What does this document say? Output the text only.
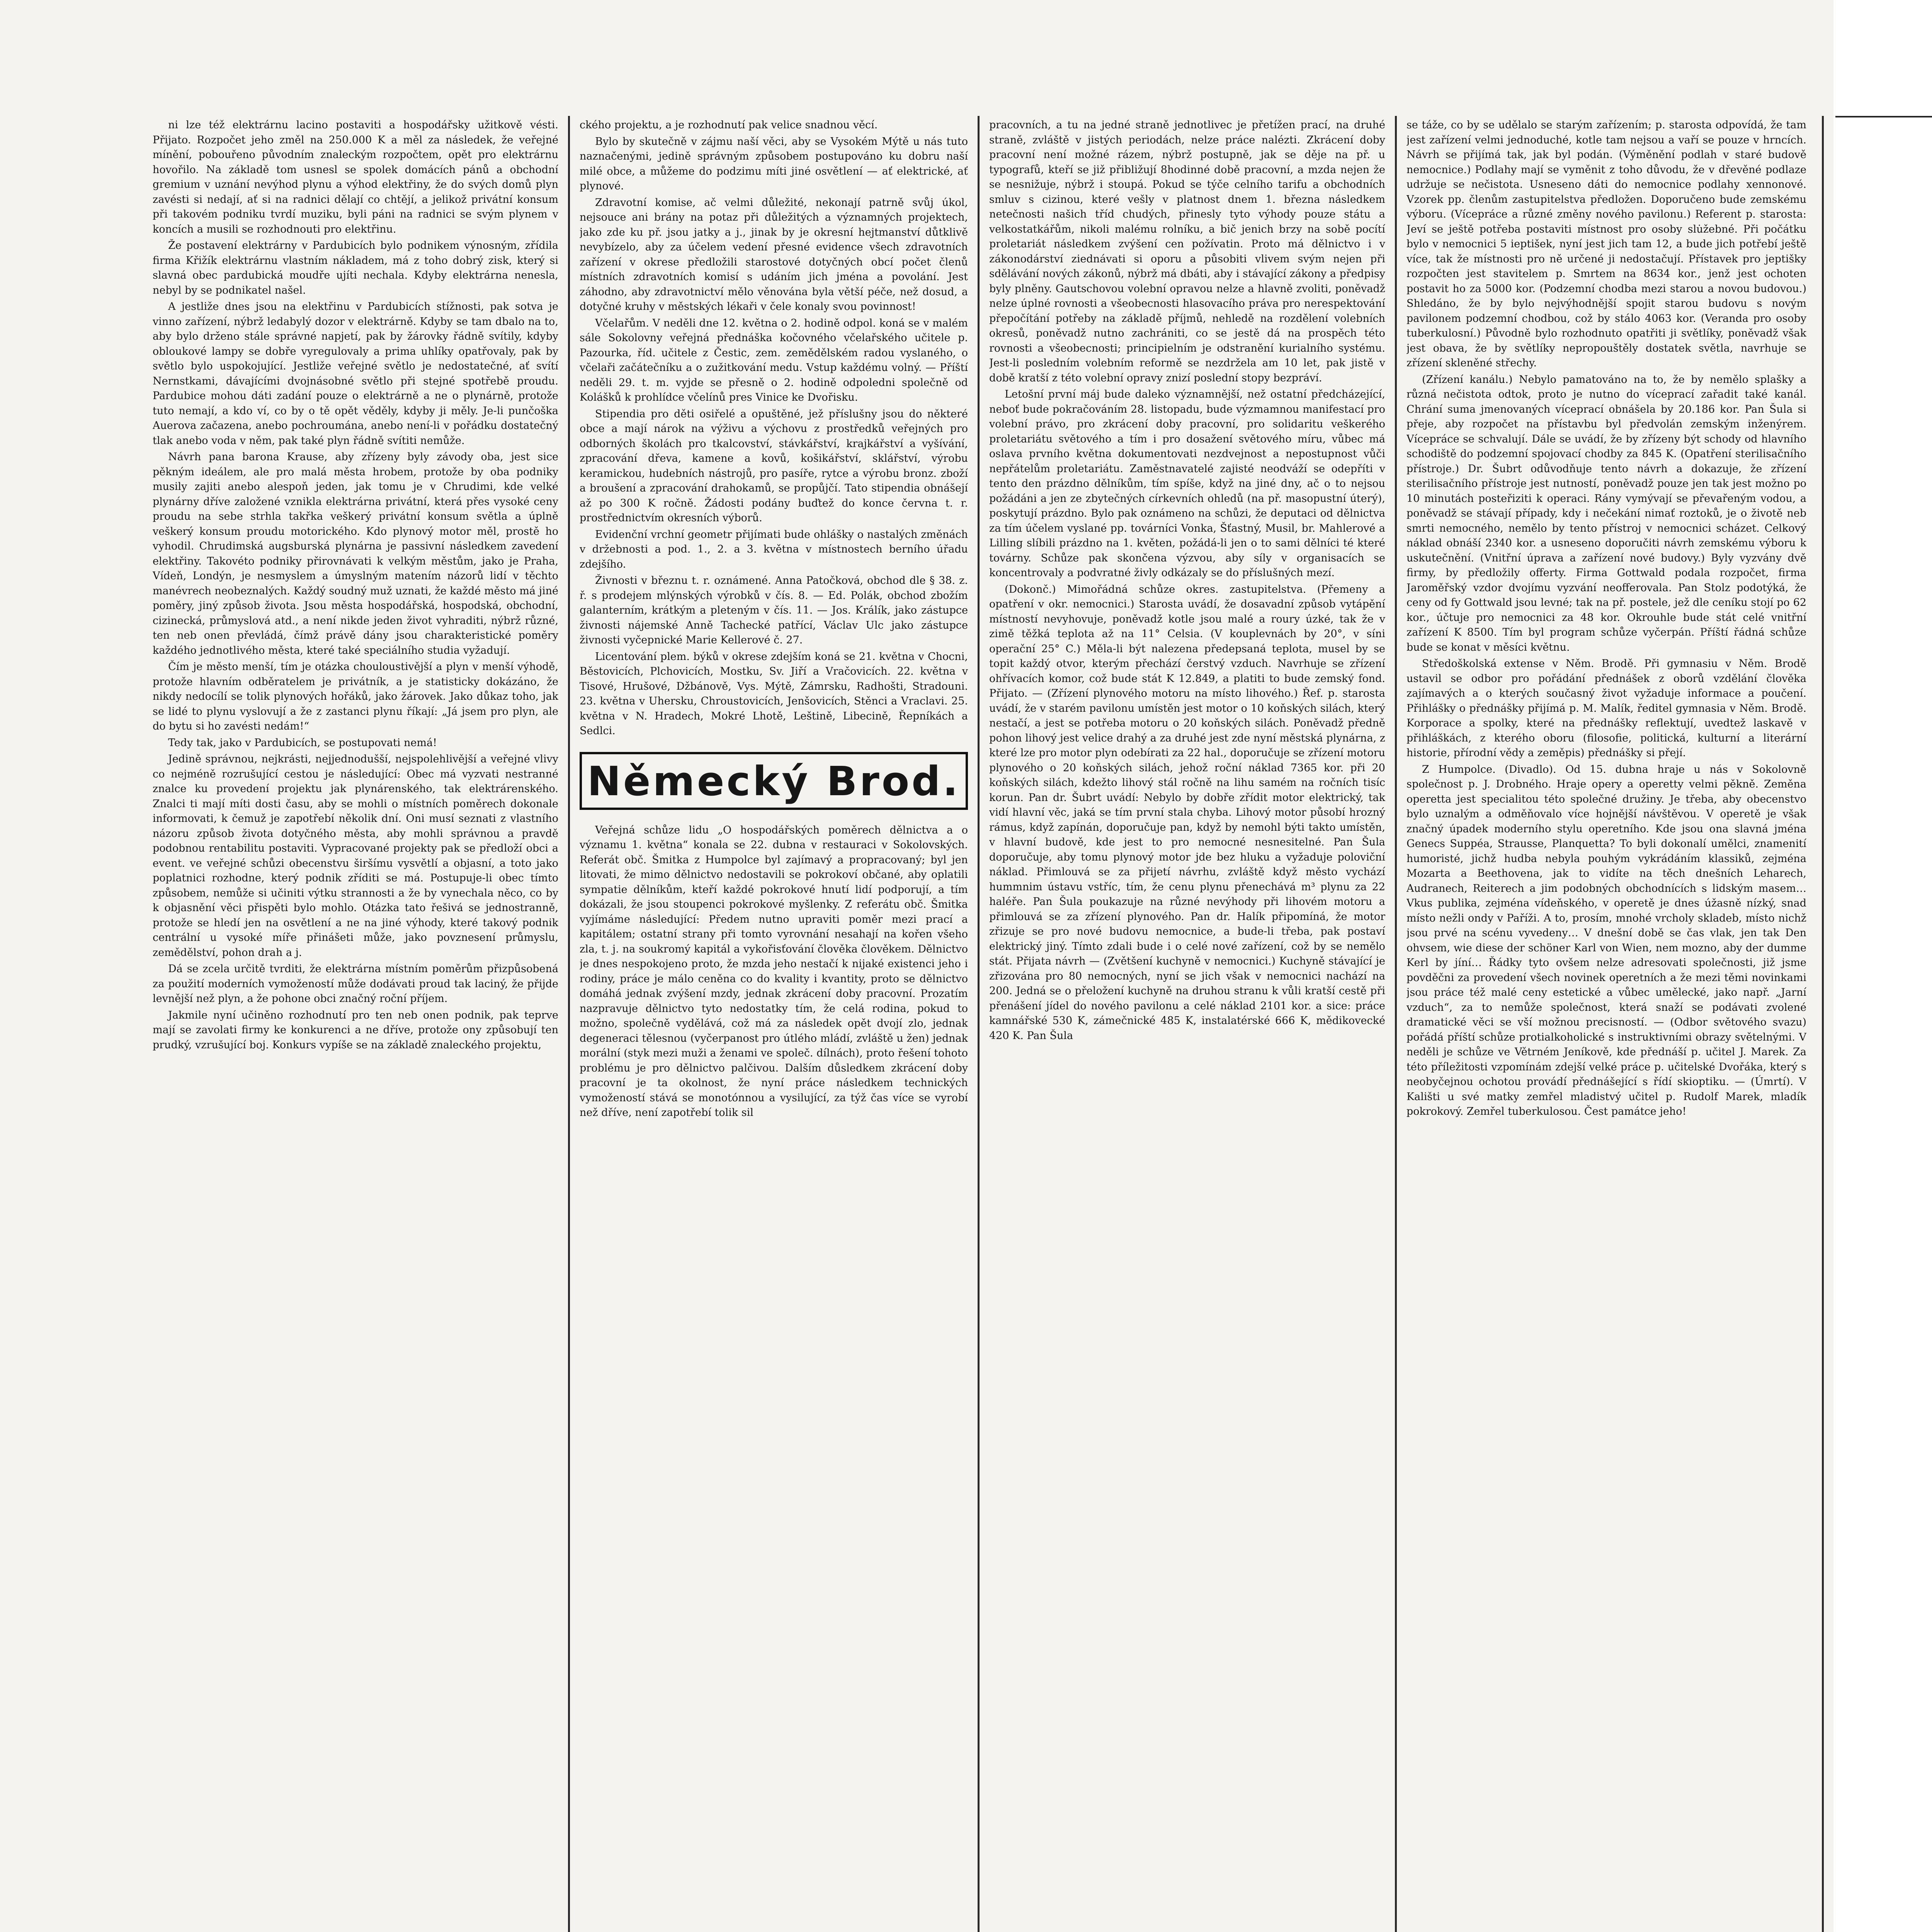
ni lze též elektrárnu lacino postaviti a hospodářsky užitkově vésti. Přijato. Rozpočet jeho změl na 250.000 K a měl za následek, že veřejné mínění, pobouřeno původním znaleckým rozpočtem, opět pro elektrárnu hovořilo. Na základě tom usnesl se spolek domácích pánů a obchodní gremium v uznání nevýhod plynu a výhod elektřiny, že do svých domů plyn zavésti si nedají, ať si na radnici dělají co chtějí, a jelikož privátní konsum při takovém podniku tvrdí muziku, byli páni na radnici se svým plynem v koncích a musili se rozhodnouti pro elektřinu.

Že postavení elektrárny v Pardubicích bylo podnikem výnosným, zřídila firma Křižík elektrárnu vlastním nákladem, má z toho dobrý zisk, který si slavná obec pardubická moudře ujíti nechala. Kdyby elektrárna nenesla, nebyl by se podnikatel našel.

A jestliže dnes jsou na elektřinu v Pardubicích stížnosti, pak sotva je vinno zařízení, nýbrž ledabylý dozor v elektrárně. Kdyby se tam dbalo na to, aby bylo drženo stále správné napjetí, pak by žárovky řádně svítily, kdyby obloukové lampy se dobře vyregulovaly a prima uhlíky opatřovaly, pak by světlo bylo uspokojující. Jestliže veřejné světlo je nedostatečné, ať svítí Nernstkami, dávajícími dvojnásobné světlo při stejné spotřebě proudu. Pardubice mohou dáti zadání pouze o elektrárně a ne o plynárně, protože tuto nemají, a kdo ví, co by o tě opět věděly, kdyby ji měly. Je-li punčoška Auerova začazena, anebo pochroumána, anebo není-li v pořádku dostatečný tlak anebo voda v něm, pak také plyn řádně svítiti nemůže.

Návrh pana barona Krause, aby zřízeny byly závody oba, jest sice pěkným ideálem, ale pro malá města hrobem, protože by oba podniky musily zajiti anebo alespoň jeden, jak tomu je v Chrudimi, kde velké plynárny dříve založené vznikla elektrárna privátní, která přes vysoké ceny proudu na sebe strhla takřka veškerý privátní konsum světla a úplně veškerý konsum proudu motorického. Kdo plynový motor měl, prostě ho vyhodil. Chrudimská augsburská plynárna je passivní následkem zavedení elektřiny. Takovéto podniky přirovnávati k velkým městům, jako je Praha, Vídeň, Londýn, je nesmyslem a úmyslným matením názorů lidí v těchto manévrech neobeznalých. Každý soudný muž uznati, že každé město má jiné poměry, jiný způsob života. Jsou města hospodářská, hospodská, obchodní, cizinecká, průmyslová atd., a není nikde jeden život vyhraditi, nýbrž různé, ten neb onen převládá, čímž právě dány jsou charakteristické poměry každého jednotlivého města, které také speciálního studia vyžadují.

Čím je město menší, tím je otázka chouloustivější a plyn v menší výhodě, protože hlavním odběratelem je privátník, a je statisticky dokázáno, že nikdy nedocílí se tolik plynových hořáků, jako žárovek. Jako důkaz toho, jak se lidé to plynu vyslovují a že z zastanci plynu říkají: „Já jsem pro plyn, ale do bytu si ho zavésti nedám!“

Tedy tak, jako v Pardubicích, se postupovati nemá!

Jedině správnou, nejkrásti, nejjednodušší, nejspolehlivější a veřejné vlivy co nejméně rozrušující cestou je následující: Obec má vyzvati nestranné znalce ku provedení projektu jak plynárenského, tak elektrárenského. Znalci ti mají míti dosti času, aby se mohli o místních poměrech dokonale informovati, k čemuž je zapotřebí několik dní. Oni musí seznati z vlastního názoru způsob života dotyčného města, aby mohli správnou a pravdě podobnou rentabilitu postaviti. Vypracované projekty pak se předloží obci a event. ve veřejné schůzi obecenstvu širšímu vysvětlí a objasní, a toto jako poplatnici rozhodne, který podnik zříditi se má. Postupuje-li obec tímto způsobem, nemůže si učiniti výtku strannosti a že by vynechala něco, co by k objasnění věci přispěti bylo mohlo. Otázka tato řešivá se jednostranně, protože se hledí jen na osvětlení a ne na jiné výhody, které takový podnik centrální u vysoké míře přinášeti může, jako povznesení průmyslu, zemědělství, pohon drah a j.

Dá se zcela určitě tvrditi, že elektrárna místním poměrům přizpůsobená za použití moderních vymožeností může dodávati proud tak laciný, že přijde levnější než plyn, a že pohone obci značný roční příjem.

Jakmile nyní učiněno rozhodnutí pro ten neb onen podnik, pak teprve mají se zavolati firmy ke konkurenci a ne dříve, protože ony způsobují ten prudký, vzrušující boj. Konkurs vypíše se na základě znaleckého projektu,

ckého projektu, a je rozhodnutí pak velice snadnou věcí.

Bylo by skutečně v zájmu naší věci, aby se Vysokém Mýtě u nás tuto naznačenými, jedině správným způsobem postupováno ku dobru naší milé obce, a můžeme do podzimu míti jiné osvětlení — ať elektrické, ať plynové.

Zdravotní komise, ač velmi důležité, nekonají patrně svůj úkol, nejsouce ani brány na potaz při důležitých a významných projektech, jako zde ku př. jsou jatky a j., jinak by je okresní hejtmanství důtklivě nevybízelo, aby za účelem vedení přesné evidence všech zdravotních zařízení v okrese předložili starostové dotyčných obcí počet členů místních zdravotních komisí s udáním jich jména a povolání. Jest záhodno, aby zdravotnictví mělo věnována byla větší péče, než dosud, a dotyčné kruhy v městských lékaři v čele konaly svou povinnost!

Včelařům. V neděli dne 12. května o 2. hodině odpol. koná se v malém sále Sokolovny veřejná přednáška kočovného včelařského učitele p. Pazourka, říd. učitele z Čestic, zem. zemědělském radou vyslaného, o včelaři začátečníku a o zužitkování medu. Vstup každému volný. — Příští neděli 29. t. m. vyjde se přesně o 2. hodině odpoledni společně od Kolášků k prohlídce včelínů pres Vinice ke Dvořisku.

Stipendia pro děti osiřelé a opuštěné, jež příslušny jsou do některé obce a mají nárok na výživu a výchovu z prostředků veřejných pro odborných školách pro tkalcovství, stávkářství, krajkářství a vyšívání, zpracování dřeva, kamene a kovů, košikářství, sklářství, výrobu keramickou, hudebních nástrojů, pro pasíře, rytce a výrobu bronz. zboží a broušení a zpracování drahokamů, se propůjčí. Tato stipendia obnášejí až po 300 K ročně. Žádosti podány buďtež do konce června t. r. prostřednictvím okresních výborů.

Evidenční vrchní geometr přijímati bude ohlášky o nastalých změnách v držebnosti a pod. 1., 2. a 3. května v místnostech berního úřadu zdejšího.

Živnosti v březnu t. r. oznámené. Anna Patočková, obchod dle § 38. z. ř. s prodejem mlýnských výrobků v čís. 8. — Ed. Polák, obchod zbožím galanterním, krátkým a pleteným v čís. 11. — Jos. Králík, jako zástupce živnosti nájemské Anně Tachecké patřící, Václav Ulc jako zástupce živnosti vyčepnické Marie Kellerové č. 27.

Licentování plem. býků v okrese zdejším koná se 21. května v Chocni, Běstovicích, Plchovicích, Mostku, Sv. Jiří a Vračovicích. 22. května v Tisové, Hrušové, Džbánově, Vys. Mýtě, Zámrsku, Radhošti, Stradouni. 23. května v Uhersku, Chroustovicích, Jenšovicích, Stěnci a Vraclavi. 25. května v N. Hradech, Mokré Lhotě, Leštině, Libecině, Řepníkách a Sedlci.

Německý Brod.

Veřejná schůze lidu „O hospodářských poměrech dělnictva a o významu 1. května“ konala se 22. dubna v restauraci v Sokolovských. Referát obč. Šmitka z Humpolce byl zajímavý a propracovaný; byl jen litovati, že mimo dělnictvo nedostavili se pokrokoví občané, aby oplatili sympatie dělníkům, kteří každé pokrokové hnutí lidí podporují, a tím dokázali, že jsou stoupenci pokrokové myšlenky. Z referátu obč. Šmitka vyjímáme následující: Předem nutno upraviti poměr mezi prací a kapitálem; ostatní strany při tomto vyrovnání nesahají na kořen všeho zla, t. j. na soukromý kapitál a vykořisťování člověka člověkem. Dělnictvo je dnes nespokojeno proto, že mzda jeho nestačí k nijaké existenci jeho i rodiny, práce je málo ceněna co do kvality i kvantity, proto se dělnictvo domáhá jednak zvýšení mzdy, jednak zkrácení doby pracovní. Prozatím nazpravuje dělnictvo tyto nedostatky tím, že celá rodina, pokud to možno, společně vydělává, což má za následek opět dvojí zlo, jednak degeneraci tělesnou (vyčerpanost pro útlého mládí, zvláště u žen) jednak morální (styk mezi muži a ženami ve společ. dílnách), proto řešení tohoto problému je pro dělnictvo palčivou. Dalším důsledkem zkrácení doby pracovní je ta okolnost, že nyní práce následkem technických vymožeností stává se monotónnou a vysilující, za týž čas více se vyrobí než dříve, není zapotřebí tolik sil

pracovních, a tu na jedné straně jednotlivec je přetížen prací, na druhé straně, zvláště v jistých periodách, nelze práce nalézti. Zkrácení doby pracovní není možné rázem, nýbrž postupně, jak se děje na př. u typografů, kteří se již přibližují 8hodinné době pracovní, a mzda nejen že se nesnižuje, nýbrž i stoupá. Pokud se týče celního tarifu a obchodních smluv s cizinou, které vešly v platnost dnem 1. března následkem netečnosti našich tříd chudých, přinesly tyto výhody pouze státu a velkostatkářům, nikoli malému rolníku, a bič jenich brzy na sobě pocítí proletariát následkem zvýšení cen požívatin. Proto má dělnictvo i v zákonodárství ziednávati si oporu a působiti vlivem svým nejen při sdělávání nových zákonů, nýbrž má dbáti, aby i stávající zákony a předpisy byly plněny. Gautschovou volební opravou nelze a hlavně zvoliti, poněvadž nelze úplné rovnosti a všeobecnosti hlasovacího práva pro nerespektování přepočítání potřeby na základě příjmů, nehledě na rozdělení volebních okresů, poněvadž nutno zachrániti, co se jestě dá na prospěch této rovnosti a všeobecnosti; principielním je odstranění kurialního systému. Jest-li posledním volebním reformě se nezdržela am 10 let, pak jistě v době kratší z této volební opravy znizí poslední stopy bezpráví.

Letošní první máj bude daleko významnější, než ostatní předcházející, neboť bude pokračováním 28. listopadu, bude výzmamnou manifestací pro volební právo, pro zkrácení doby pracovní, pro solidaritu veškerého proletariátu světového a tím i pro dosažení světového míru, vůbec má oslava prvního května dokumentovati nezdvejnost a nepostupnost vůči nepřátelům proletariátu. Zaměstnavatelé zajisté neodváží se odepříti v tento den prázdno dělníkům, tím spíše, když na jiné dny, ač o to nejsou požádáni a jen ze zbytečných církevních ohledů (na př. masopustní úterý), poskytují prázdno. Bylo pak oznámeno na schůzi, že deputaci od dělnictva za tím účelem vyslané pp. továrníci Vonka, Šťastný, Musil, br. Mahlerové a Lilling slíbili prázdno na 1. květen, požádá-li jen o to sami dělníci té které továrny. Schůze pak skončena výzvou, aby síly v organisacích se koncentrovaly a podvratné živly odkázaly se do příslušných mezí.

(Dokonč.) Mimořádná schůze okres. zastupitelstva. (Přemeny a opatření v okr. nemocnici.) Starosta uvádí, že dosavadní způsob vytápění místností nevyhovuje, poněvadž kotle jsou malé a roury úzké, tak že v zimě těžká teplota až na 11° Celsia. (V kouplevnách by 20°, v síni operační 25° C.) Měla-li být nalezena předepsaná teplota, musel by se topit každý otvor, kterým přechází čerstvý vzduch. Navrhuje se zřízení ohřívacích komor, což bude stát K 12.849, a platiti to bude zemský fond. Přijato. — (Zřízení plynového motoru na místo lihového.) Řef. p. starosta uvádí, že v starém pavilonu umístěn jest motor o 10 koňských silách, který nestačí, a jest se potřeba motoru o 20 koňských silách. Poněvadž předně pohon lihový jest velice drahý a za druhé jest zde nyní městská plynárna, z které lze pro motor plyn odebírati za 22 hal., doporučuje se zřízení motoru plynového o 20 koňských silách, jehož roční náklad 7365 kor. při 20 koňských silách, kdežto lihový stál ročně na lihu samém na ročních tisíc korun. Pan dr. Šubrt uvádí: Nebylo by dobře zřídit motor elektrický, tak vidí hlavní věc, jaká se tím první stala chyba. Lihový motor působí hrozný rámus, když zapínán, doporučuje pan, když by nemohl býti takto umístěn, v hlavní budově, kde jest to pro nemocné nesnesitelné. Pan Šula doporučuje, aby tomu plynový motor jde bez hluku a vyžaduje poloviční náklad. Přimlouvá se za přijetí návrhu, zvláště když město vychází hummnim ústavu vstříc, tím, že cenu plynu přenechává m³ plynu za 22 haléře. Pan Šula poukazuje na různé nevýhody při lihovém motoru a přimlouvá se za zřízení plynového. Pan dr. Halík připomíná, že motor zřizuje se pro nové budovu nemocnice, a bude-li třeba, pak postaví elektrický jiný. Tímto zdali bude i o celé nové zařízení, což by se nemělo stát. Přijata návrh — (Zvětšení kuchyně v nemocnici.) Kuchyně stávající je zřizována pro 80 nemocných, nyní se jich však v nemocnici nachází na 200. Jedná se o přeložení kuchyně na druhou stranu k vůli kratší cestě při přenášení jídel do nového pavilonu a celé náklad 2101 kor. a sice: práce kamnářské 530 K, zámečnické 485 K, instalatérské 666 K, mědikovecké 420 K. Pan Šula

se táže, co by se udělalo se starým zařízením; p. starosta odpovídá, že tam jest zařízení velmi jednoduché, kotle tam nejsou a vaří se pouze v hrncích. Návrh se přijímá tak, jak byl podán. (Výměnění podlah v staré budově nemocnice.) Podlahy mají se vyměnit z toho důvodu, že v dřevěné podlaze udržuje se nečistota. Usneseno dáti do nemocnice podlahy xennonové. Vzorek pp. členům zastupitelstva předložen. Doporučeno bude zemskému výboru. (Vícepráce a různé změny nového pavilonu.) Referent p. starosta: Jeví se ještě potřeba postaviti místnost pro osoby slu̇žebné. Při počátku bylo v nemocnici 5 ieptišek, nyní jest jich tam 12, a bude jich potřebí ještě více, tak že místnosti pro ně určené ji nedostačují. Přístavek pro jeptišky rozpočten jest stavitelem p. Smrtem na 8634 kor., jenž jest ochoten postavit ho za 5000 kor. (Podzemní chodba mezi starou a novou budovou.) Shledáno, že by bylo nejvýhodnější spojit starou budovu s novým pavilonem podzemní chodbou, což by stálo 4063 kor. (Veranda pro osoby tuberkulosní.) Původně bylo rozhodnuto opatřiti ji světlíky, poněvadž však jest obava, že by světlíky nepropouštěly dostatek světla, navrhuje se zřízení skleněné střechy.

(Zřízení kanálu.) Nebylo pamatováno na to, že by nemělo splašky a různá nečistota odtok, proto je nutno do víceprací zařadit také kanál. Chrání suma jmenovaných víceprací obnášela by 20.186 kor. Pan Šula si přeje, aby rozpočet na přístavbu byl předvolán zemským inženýrem. Vícepráce se schvalují. Dále se uvádí, že by zřízeny být schody od hlavního schodiště do podzemní spojovací chodby za 845 K. (Opatření sterilisačního přístroje.) Dr. Šubrt odůvodňuje tento návrh a dokazuje, že zřízení sterilisačního přístroje jest nutností, poněvadž pouze jen tak jest možno po 10 minutách posteřiziti k operaci. Rány vymývají se převařeným vodou, a poněvadž se stávají případy, kdy i nečekání nimať roztoků, je o životě neb smrti nemocného, nemělo by tento přístroj v nemocnici scházet. Celkový náklad obnáší 2340 kor. a usneseno doporučiti návrh zemskému výboru k uskutečnění. (Vnitřní úprava a zařízení nové budovy.) Byly vyzvány dvě firmy, by předložily offerty. Firma Gottwald podala rozpočet, firma Jaroměřský vzdor dvojímu vyzvání neofferovala. Pan Stolz podotýká, že ceny od fy Gottwald jsou levné; tak na př. postele, jež dle ceníku stojí po 62 kor., účtuje pro nemocnici za 48 kor. Okrouhle bude stát celé vnitřní zařízení K 8500. Tím byl program schůze vyčerpán. Příští řádná schůze bude se konat v měsíci květnu.

Středoškolská extense v Něm. Brodě. Při gymnasiu v Něm. Brodě ustavil se odbor pro pořádání přednášek z oborů vzdělání člověka zajímavých a o kterých současný život vyžaduje informace a poučení. Přihlášky o přednášky přijímá p. M. Malík, ředitel gymnasia v Něm. Brodě. Korporace a spolky, které na přednášky reflektují, uvedtež laskavě v přihláškách, z kterého oboru (filosofie, politická, kulturní a literární historie, přírodní vědy a zeměpis) přednášky si přejí.

Z Humpolce. (Divadlo). Od 15. dubna hraje u nás v Sokolovně společnost p. J. Drobného. Hraje opery a operetty velmi pěkně. Zeměna operetta jest specialitou této společné družiny. Je třeba, aby obecenstvo bylo uznalým a odměňovalo více hojnější návštěvou. V operetě je však značný úpadek moderního stylu operetního. Kde jsou ona slavná jména Genecs Suppéa, Strausse, Planquetta? To byli dokonalí umělci, znamenití humoristé, jichž hudba nebyla pouhým vykrádáním klassiků, zejména Mozarta a Beethovena, jak to vidíte na těch dnešních Leharech, Audranech, Reiterech a jim podobných obchodnících s lidským masem… Vkus publika, zejména vídeňského, v operetě je dnes úžasně nízký, snad místo nežli ondy v Paříži. A to, prosím, mnohé vrcholy skladeb, místo nichž jsou prvé na scénu vyvedeny… V dnešní době se čas vlak, jen tak Den ohvsem, wie diese der schöner Karl von Wien, nem mozno, aby der dumme Kerl by jíní… Řádky tyto ovšem nelze adresovati společnosti, již jsme povděčni za provedení všech novinek operetních a že mezi těmi novinkami jsou práce též malé ceny estetické a vůbec umělecké, jako např. „Jarní vzduch“, za to nemůže společnost, která snaží se podávati zvolené dramatické věci se vší možnou precisností. — (Odbor světového svazu) pořádá příští schůze protialkoholické s instruktivními obrazy světelnými. V neděli je schůze ve Větrném Jeníkově, kde přednáší p. učitel J. Marek. Za této příležitosti vzpomínám zdejší velké práce p. učitelské Dvořáka, který s neobyčejnou ochotou provádí přednášející s řídí skioptiku. — (Úmrtí). V Kališti u své matky zemřel mladistvý učitel p. Rudolf Marek, mladík pokrokový. Zemřel tuberkulosou. Čest památce jeho!
